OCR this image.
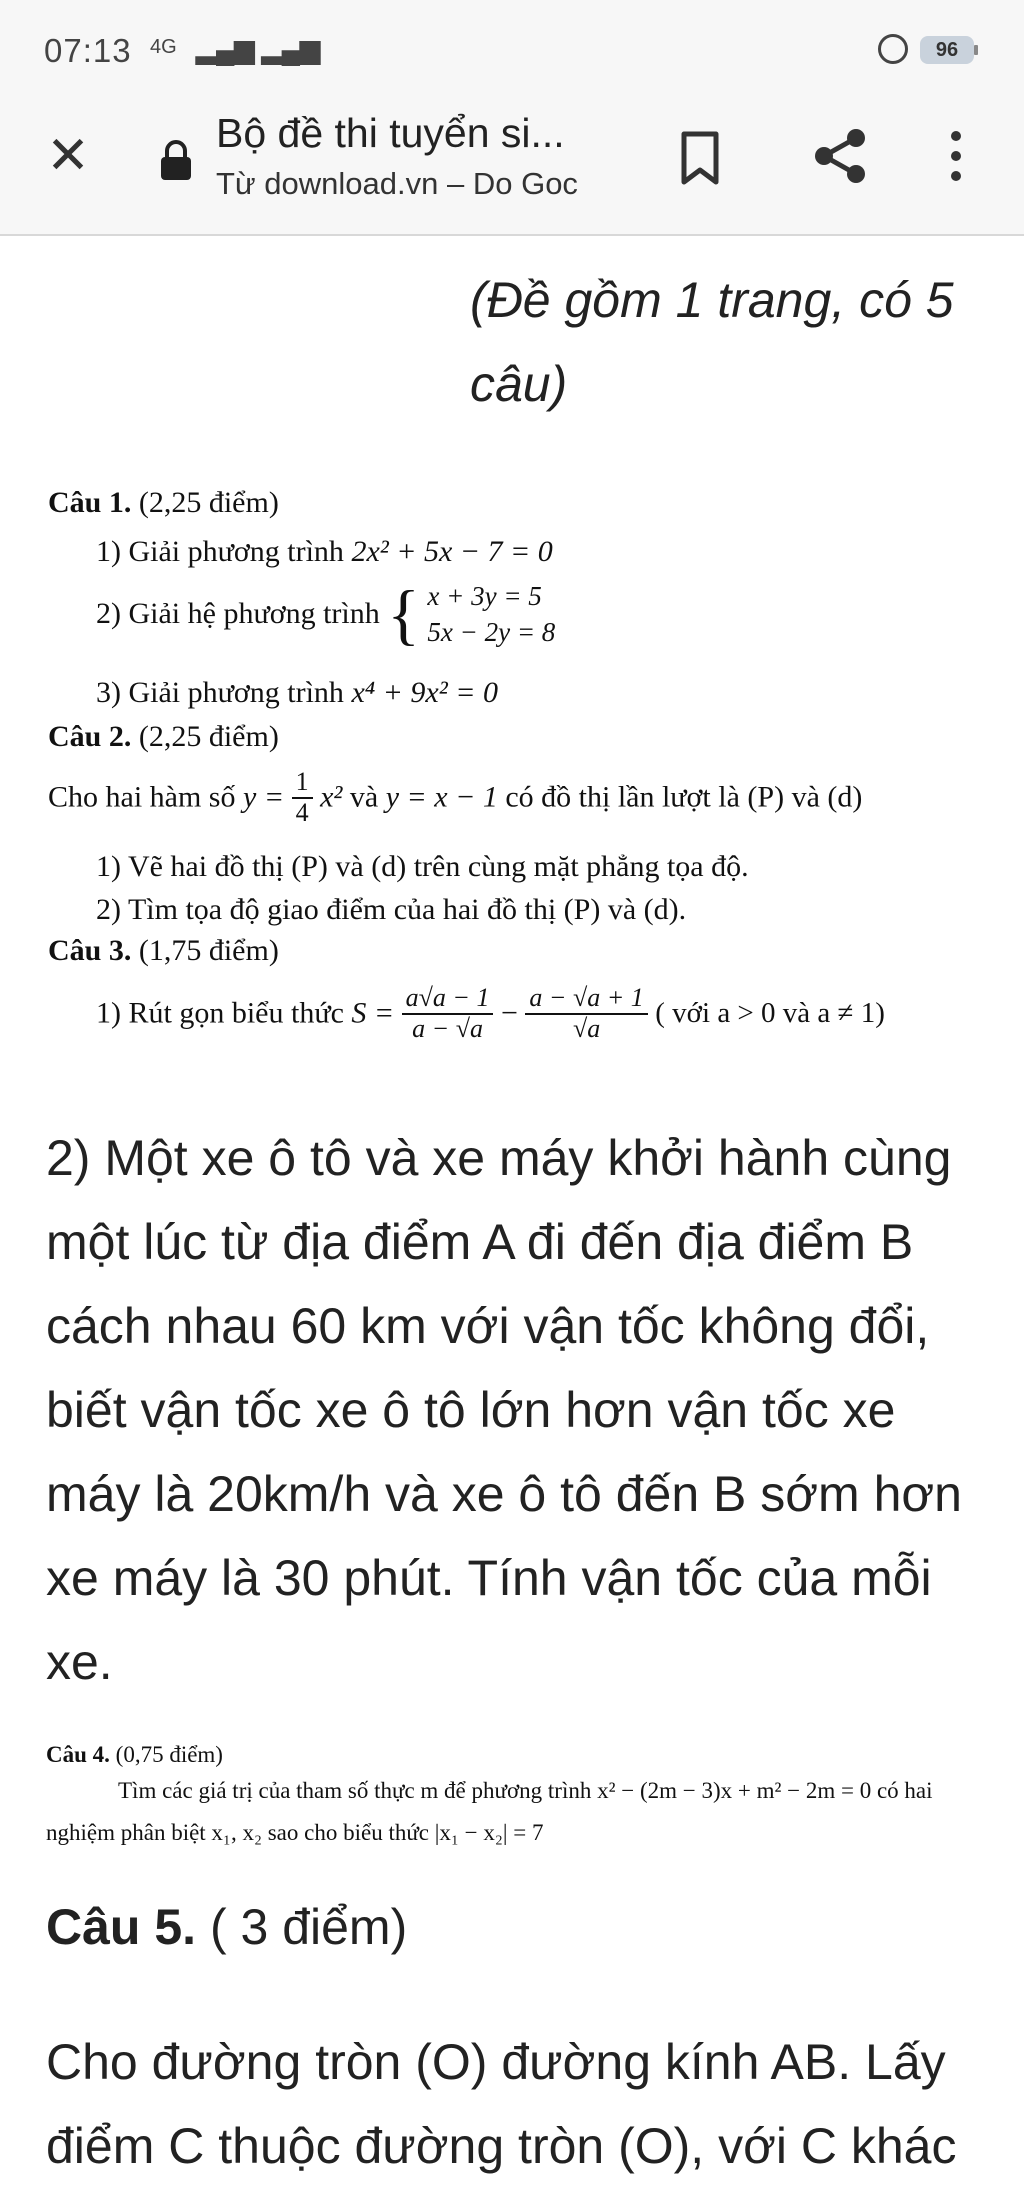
07:13 4G ▂▄▆ ▂▄▆	96
✕	Bộ đề thi tuyển si...
Từ download.vn – Do Goc
(Đề gồm 1 trang, có 5 câu)
Câu 1. (2,25 điểm)
1) Giải phương trình 2x² + 5x − 7 = 0
2) Giải hệ phương trình { x + 3y = 5
5x − 2y = 8
3) Giải phương trình x⁴ + 9x² = 0
Câu 2. (2,25 điểm)
Cho hai hàm số $y = \frac{1}{4} x^2$ và y = x − 1 có đồ thị lần lượt là (P) và (d)
1) Vẽ hai đồ thị (P) và (d) trên cùng mặt phẳng tọa độ.
2) Tìm tọa độ giao điểm của hai đồ thị (P) và (d).
Câu 3. (1,75 điểm)
1) Rút gọn biểu thức $S = \frac{a√a - 1}{a - √a} - \frac{a - √a + 1}{√a}$ ( với a > 0 và a ≠ 1)
2) Một xe ô tô và xe máy khởi hành cùng một lúc từ địa điểm A đi đến địa điểm B cách nhau 60 km với vận tốc không đổi, biết vận tốc xe ô tô lớn hơn vận tốc xe máy là 20km/h và xe ô tô đến B sớm hơn xe máy là 30 phút. Tính vận tốc của mỗi xe.
Câu 4. (0,75 điểm)
Tìm các giá trị của tham số thực m để phương trình x² − (2m − 3)x + m² − 2m = 0 có hai
nghiệm phân biệt x₁, x₂ sao cho biểu thức |x₁ − x₂| = 7
Câu 5. ( 3 điểm)
Cho đường tròn (O) đường kính AB. Lấy điểm C thuộc đường tròn (O), với C khác
